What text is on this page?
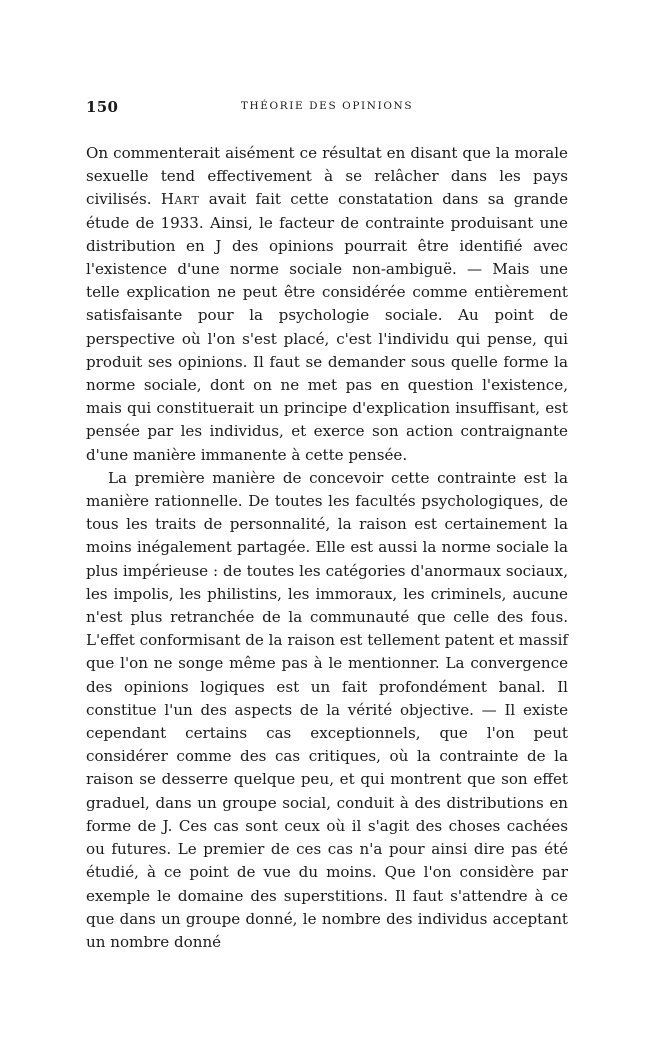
150	THÉORIE DES OPINIONS

On commenterait aisément ce résultat en disant que la morale sexuelle tend effectivement à se relâcher dans les pays civilisés. Hart avait fait cette constatation dans sa grande étude de 1933. Ainsi, le facteur de contrainte produisant une distribution en J des opinions pourrait être identifié avec l'existence d'une norme sociale non-ambiguë. — Mais une telle explication ne peut être considérée comme entièrement satisfaisante pour la psychologie sociale. Au point de perspective où l'on s'est placé, c'est l'individu qui pense, qui produit ses opinions. Il faut se demander sous quelle forme la norme sociale, dont on ne met pas en question l'existence, mais qui constituerait un principe d'explication insuffisant, est pensée par les individus, et exerce son action contraignante d'une manière immanente à cette pensée.

La première manière de concevoir cette contrainte est la manière rationnelle. De toutes les facultés psychologiques, de tous les traits de personnalité, la raison est certainement la moins inégalement partagée. Elle est aussi la norme sociale la plus impérieuse : de toutes les catégories d'anormaux sociaux, les impolis, les philistins, les immoraux, les criminels, aucune n'est plus retranchée de la communauté que celle des fous. L'effet conformisant de la raison est tellement patent et massif que l'on ne songe même pas à le mentionner. La convergence des opinions logiques est un fait profondément banal. Il constitue l'un des aspects de la vérité objective. — Il existe cependant certains cas exceptionnels, que l'on peut considérer comme des cas critiques, où la contrainte de la raison se desserre quelque peu, et qui montrent que son effet graduel, dans un groupe social, conduit à des distributions en forme de J. Ces cas sont ceux où il s'agit des choses cachées ou futures. Le premier de ces cas n'a pour ainsi dire pas été étudié, à ce point de vue du moins. Que l'on considère par exemple le domaine des superstitions. Il faut s'attendre à ce que dans un groupe donné, le nombre des individus acceptant un nombre donné
